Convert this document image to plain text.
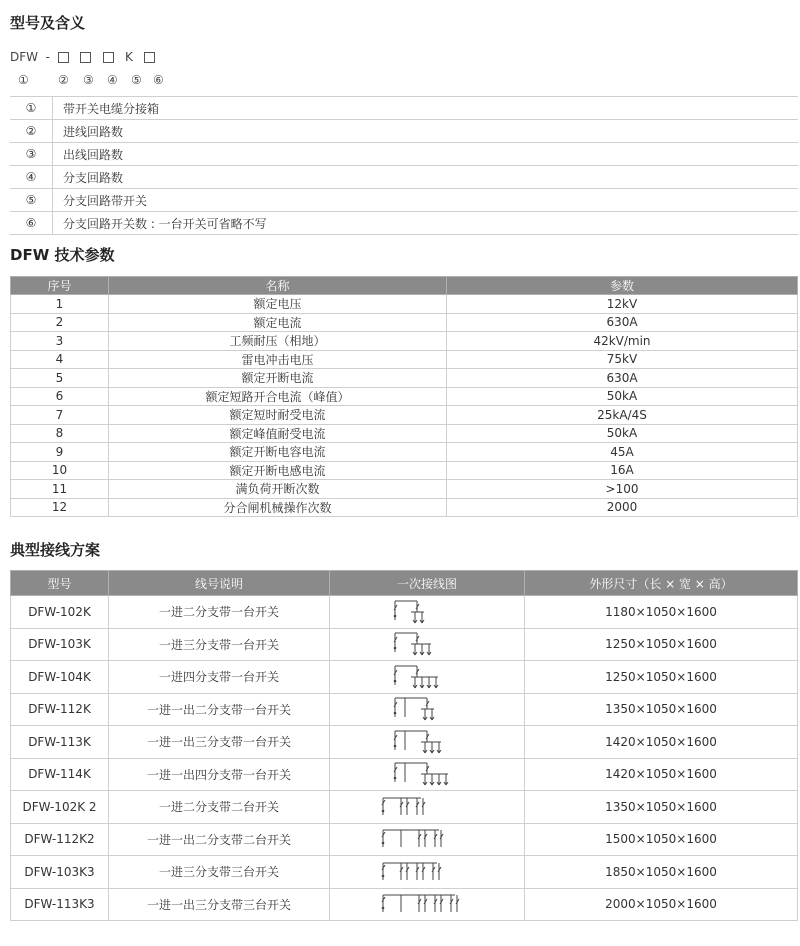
型号及含义
DFW -	K
① ② ③ ④ ⑤ ⑥
①	带开关电缆分接箱
②	进线回路数
③	出线回路数
④	分支回路数
⑤	分支回路带开关
⑥	分支回路开关数 : 一台开关可省略不写
DFW 技术参数
序号	名称	参数
1	额定电压	12kV
2	额定电流	630A
3	工频耐压（相地）	42kV/min
4	雷电冲击电压	75kV
5	额定开断电流	630A
6	额定短路开合电流（峰值）	50kA
7	额定短时耐受电流	25kA/4S
8	额定峰值耐受电流	50kA
9	额定开断电容电流	45A
10	额定开断电感电流	16A
11	满负荷开断次数	>100
12	分合闸机械操作次数	2000
典型接线方案
型号	线号说明	一次接线图	外形尺寸（长 × 宽 × 高）
DFW-102K	一进二分支带一台开关		1180×1050×1600
DFW-103K	一进三分支带一台开关		1250×1050×1600
DFW-104K	一进四分支带一台开关		1250×1050×1600
DFW-112K	一进一出二分支带一台开关		1350×1050×1600
DFW-113K	一进一出三分支带一台开关		1420×1050×1600
DFW-114K	一进一出四分支带一台开关		1420×1050×1600
DFW-102K 2	一进二分支带二台开关		1350×1050×1600
DFW-112K2	一进一出二分支带二台开关		1500×1050×1600
DFW-103K3	一进三分支带三台开关		1850×1050×1600
DFW-113K3	一进一出三分支带三台开关		2000×1050×1600
